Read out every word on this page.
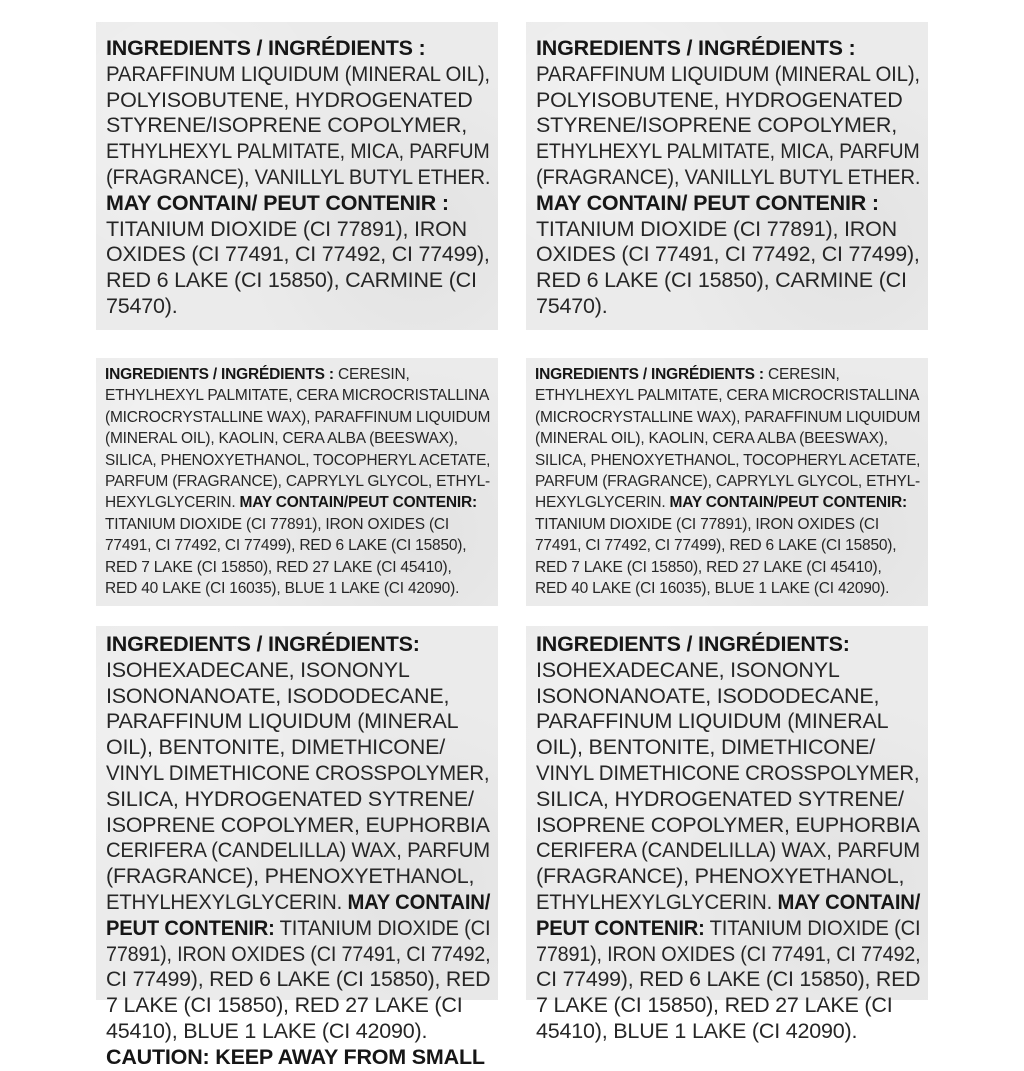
INGREDIENTS / INGRÉDIENTS :
PARAFFINUM LIQUIDUM (MINERAL OIL),
POLYISOBUTENE, HYDROGENATED
STYRENE/ISOPRENE COPOLYMER,
ETHYLHEXYL PALMITATE, MICA, PARFUM
(FRAGRANCE), VANILLYL BUTYL ETHER.
MAY CONTAIN/ PEUT CONTENIR :
TITANIUM DIOXIDE (CI 77891), IRON
OXIDES (CI 77491, CI 77492, CI 77499),
RED 6 LAKE (CI 15850), CARMINE (CI
75470).
INGREDIENTS / INGRÉDIENTS :
PARAFFINUM LIQUIDUM (MINERAL OIL),
POLYISOBUTENE, HYDROGENATED
STYRENE/ISOPRENE COPOLYMER,
ETHYLHEXYL PALMITATE, MICA, PARFUM
(FRAGRANCE), VANILLYL BUTYL ETHER.
MAY CONTAIN/ PEUT CONTENIR :
TITANIUM DIOXIDE (CI 77891), IRON
OXIDES (CI 77491, CI 77492, CI 77499),
RED 6 LAKE (CI 15850), CARMINE (CI
75470).
INGREDIENTS / INGRÉDIENTS : CERESIN,
ETHYLHEXYL PALMITATE, CERA MICROCRISTALLINA
(MICROCRYSTALLINE WAX), PARAFFINUM LIQUIDUM
(MINERAL OIL), KAOLIN, CERA ALBA (BEESWAX),
SILICA, PHENOXYETHANOL, TOCOPHERYL ACETATE,
PARFUM (FRAGRANCE), CAPRYLYL GLYCOL, ETHYL-
HEXYLGLYCERIN. MAY CONTAIN/PEUT CONTENIR:
TITANIUM DIOXIDE (CI 77891), IRON OXIDES (CI
77491, CI 77492, CI 77499), RED 6 LAKE (CI 15850),
RED 7 LAKE (CI 15850), RED 27 LAKE (CI 45410),
RED 40 LAKE (CI 16035), BLUE 1 LAKE (CI 42090).
INGREDIENTS / INGRÉDIENTS : CERESIN,
ETHYLHEXYL PALMITATE, CERA MICROCRISTALLINA
(MICROCRYSTALLINE WAX), PARAFFINUM LIQUIDUM
(MINERAL OIL), KAOLIN, CERA ALBA (BEESWAX),
SILICA, PHENOXYETHANOL, TOCOPHERYL ACETATE,
PARFUM (FRAGRANCE), CAPRYLYL GLYCOL, ETHYL-
HEXYLGLYCERIN. MAY CONTAIN/PEUT CONTENIR:
TITANIUM DIOXIDE (CI 77891), IRON OXIDES (CI
77491, CI 77492, CI 77499), RED 6 LAKE (CI 15850),
RED 7 LAKE (CI 15850), RED 27 LAKE (CI 45410),
RED 40 LAKE (CI 16035), BLUE 1 LAKE (CI 42090).
INGREDIENTS / INGRÉDIENTS:
ISOHEXADECANE, ISONONYL
ISONONANOATE, ISODODECANE,
PARAFFINUM LIQUIDUM (MINERAL
OIL), BENTONITE, DIMETHICONE/
VINYL DIMETHICONE CROSSPOLYMER,
SILICA, HYDROGENATED SYTRENE/
ISOPRENE COPOLYMER, EUPHORBIA
CERIFERA (CANDELILLA) WAX, PARFUM
(FRAGRANCE), PHENOXYETHANOL,
ETHYLHEXYLGLYCERIN. MAY CONTAIN/
PEUT CONTENIR: TITANIUM DIOXIDE (CI
77891), IRON OXIDES (CI 77491, CI 77492,
CI 77499), RED 6 LAKE (CI 15850), RED
7 LAKE (CI 15850), RED 27 LAKE (CI
45410), BLUE 1 LAKE (CI 42090).
CAUTION: KEEP AWAY FROM SMALL
INGREDIENTS / INGRÉDIENTS:
ISOHEXADECANE, ISONONYL
ISONONANOATE, ISODODECANE,
PARAFFINUM LIQUIDUM (MINERAL
OIL), BENTONITE, DIMETHICONE/
VINYL DIMETHICONE CROSSPOLYMER,
SILICA, HYDROGENATED SYTRENE/
ISOPRENE COPOLYMER, EUPHORBIA
CERIFERA (CANDELILLA) WAX, PARFUM
(FRAGRANCE), PHENOXYETHANOL,
ETHYLHEXYLGLYCERIN. MAY CONTAIN/
PEUT CONTENIR: TITANIUM DIOXIDE (CI
77891), IRON OXIDES (CI 77491, CI 77492,
CI 77499), RED 6 LAKE (CI 15850), RED
7 LAKE (CI 15850), RED 27 LAKE (CI
45410), BLUE 1 LAKE (CI 42090).
